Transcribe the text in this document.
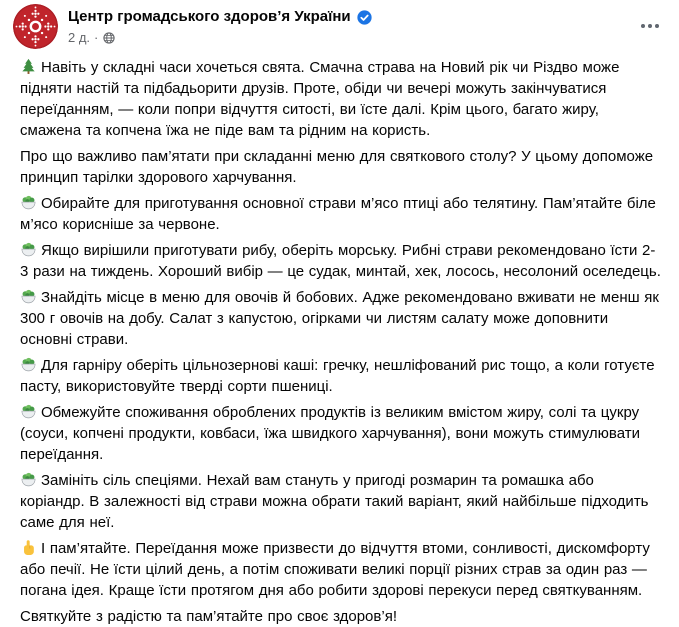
Центр громадського здоров’я України
2 д. ·

Навіть у складні часи хочеться свята. Смачна страва на Новий рік чи Різдво може підняти настій та підбадьорити друзів. Проте, обіди чи вечері можуть закінчуватися переїданням, — коли попри відчуття ситості, ви їсте далі. Крім цього, багато жиру, смажена та копчена їжа не піде вам та рідним на користь.

Про що важливо пам’ятати при складанні меню для святкового столу? У цьому допоможе принцип тарілки здорового харчування.

Обирайте для приготування основної страви м’ясо птиці або телятину. Пам’ятайте біле м’ясо корисніше за червоне.

Якщо вирішили приготувати рибу, оберіть морську. Рибні страви рекомендовано їсти 2-3 рази на тиждень. Хороший вибір — це судак, минтай, хек, лосось, несолоний оселедець.

Знайдіть місце в меню для овочів й бобових. Адже рекомендовано вживати не менш як 300 г овочів на добу. Салат з капустою, огірками чи листям салату може доповнити основні страви.

Для гарніру оберіть цільнозернові каші: гречку, нешліфований рис тощо, а коли готуєте пасту, використовуйте тверді сорти пшениці.

Обмежуйте споживання оброблених продуктів із великим вмістом жиру, солі та цукру (соуси, копчені продукти, ковбаси, їжа швидкого харчування), вони можуть стимулювати переїдання.

Замініть сіль спеціями. Нехай вам стануть у пригоді розмарин та ромашка або коріандр. В залежності від страви можна обрати такий варіант, який найбільше підходить саме для неї.

І пам’ятайте. Переїдання може призвести до відчуття втоми, сонливості, дискомфорту або печії. Не їсти цілий день, а потім споживати великі порції різних страв за один раз — погана ідея. Краще їсти протягом дня або робити здорові перекуси перед святкуванням.

Святкуйте з радістю та пам’ятайте про своє здоров’я!
